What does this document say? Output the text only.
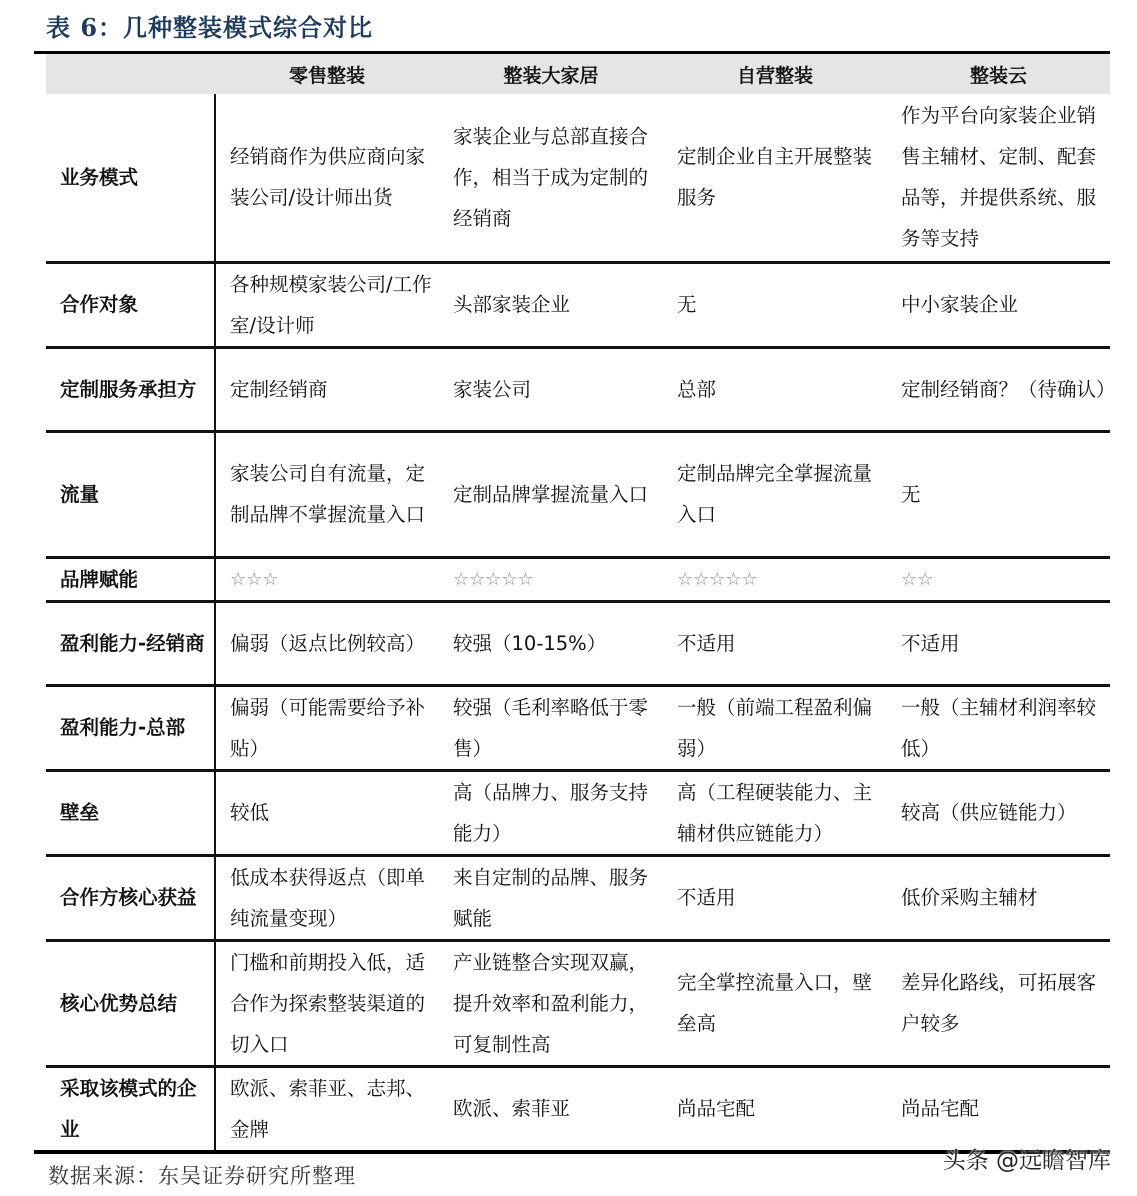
表 6：几种整装模式综合对比
	零售整装	整装大家居	自营整装	整装云
业务模式	经销商作为供应商向家装公司/设计师出货	家装企业与总部直接合作，相当于成为定制的经销商	定制企业自主开展整装服务	作为平台向家装企业销售主辅材、定制、配套品等，并提供系统、服务等支持
合作对象	各种规模家装公司/工作室/设计师	头部家装企业	无	中小家装企业
定制服务承担方	定制经销商	家装公司	总部	定制经销商？（待确认）
流量	家装公司自有流量，定制品牌不掌握流量入口	定制品牌掌握流量入口	定制品牌完全掌握流量入口	无
品牌赋能	☆☆☆	☆☆☆☆☆	☆☆☆☆☆	☆☆
盈利能力-经销商	偏弱（返点比例较高）	较强（10-15%）	不适用	不适用
盈利能力-总部	偏弱（可能需要给予补贴）	较强（毛利率略低于零售）	一般（前端工程盈利偏弱）	一般（主辅材利润率较低）
壁垒	较低	高（品牌力、服务支持能力）	高（工程硬装能力、主辅材供应链能力）	较高（供应链能力）
合作方核心获益	低成本获得返点（即单纯流量变现）	来自定制的品牌、服务赋能	不适用	低价采购主辅材
核心优势总结	门槛和前期投入低，适合作为探索整装渠道的切入口	产业链整合实现双赢，提升效率和盈利能力，可复制性高	完全掌控流量入口，壁垒高	差异化路线，可拓展客户较多
采取该模式的企业	欧派、索菲亚、志邦、金牌	欧派、索菲亚	尚品宅配	尚品宅配
数据来源：东吴证券研究所整理
头条 @远瞻智库
